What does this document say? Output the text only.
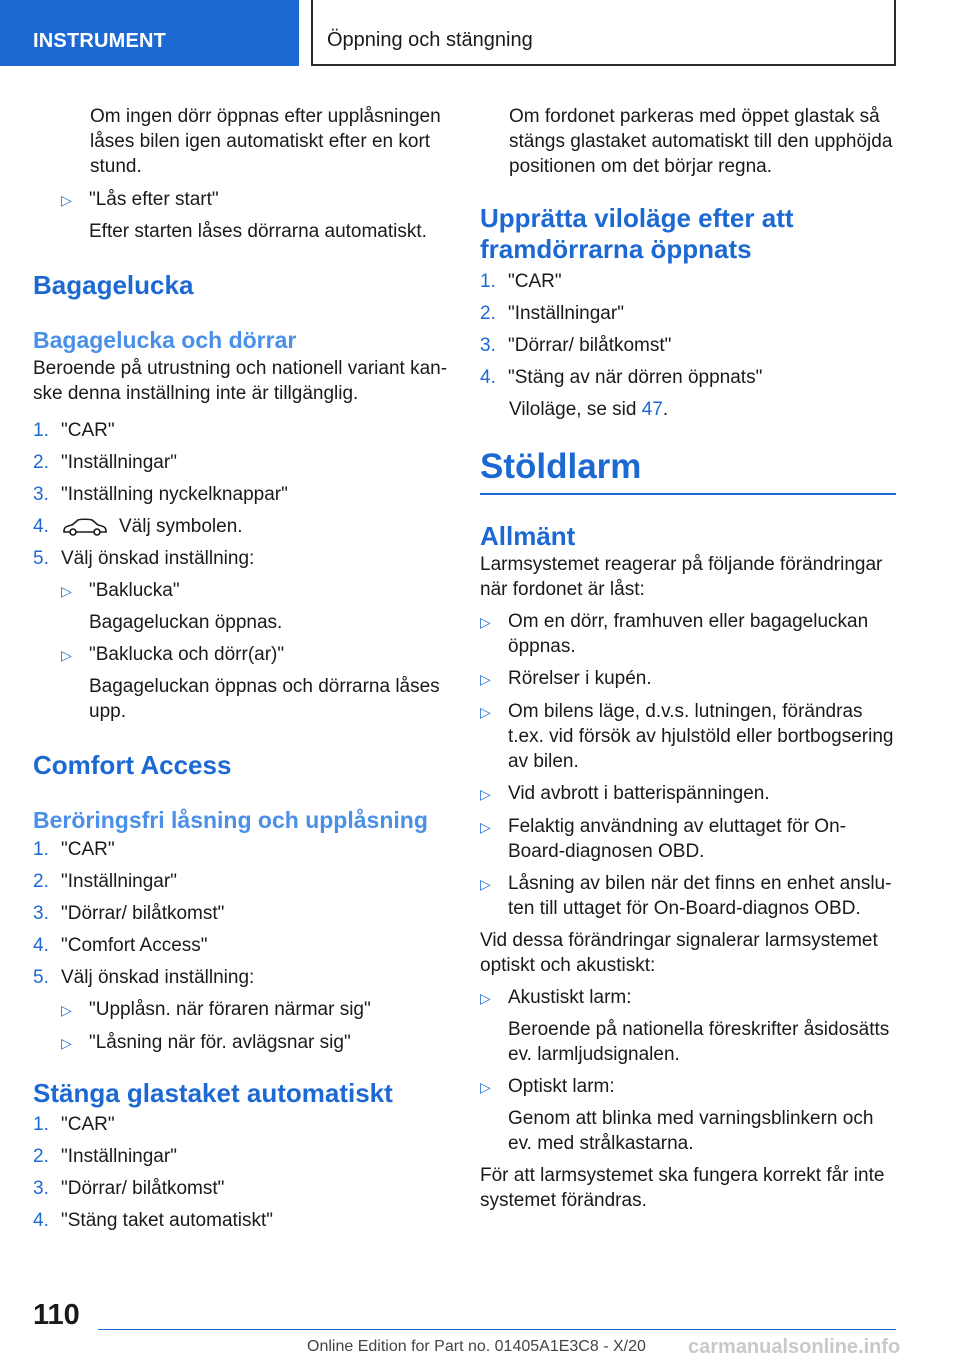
INSTRUMENT	Öppning och stängning
Om ingen dörr öppnas efter upplåsningen
låses bilen igen automatiskt efter en kort
stund.
▷ "Lås efter start"
Efter starten låses dörrarna automatiskt.
Bagagelucka
Bagagelucka och dörrar
Beroende på utrustning och nationell variant kan-
ske denna inställning inte är tillgänglig.
1. "CAR"
2. "Inställningar"
3. "Inställning nyckelknappar"
4.	Välj symbolen.
5. Välj önskad inställning:
▷ "Baklucka"
Bagageluckan öppnas.
▷ "Baklucka och dörr(ar)"
Bagageluckan öppnas och dörrarna låses
upp.
Comfort Access
Beröringsfri låsning och upplåsning
1. "CAR"
2. "Inställningar"
3. "Dörrar/ bilåtkomst"
4. "Comfort Access"
5. Välj önskad inställning:
▷ "Upplåsn. när föraren närmar sig"
▷ "Låsning när för. avlägsnar sig"
Stänga glastaket automatiskt
1. "CAR"
2. "Inställningar"
3. "Dörrar/ bilåtkomst"
4. "Stäng taket automatiskt"
Om fordonet parkeras med öppet glastak så
stängs glastaket automatiskt till den upphöjda
positionen om det börjar regna.
Upprätta viloläge efter att
framdörrarna öppnats
1. "CAR"
2. "Inställningar"
3. "Dörrar/ bilåtkomst"
4. "Stäng av när dörren öppnats"
Viloläge, se sid 47.
Stöldlarm
Allmänt
Larmsystemet reagerar på följande förändringar
när fordonet är låst:
▷ Om en dörr, framhuven eller bagageluckan
öppnas.
▷ Rörelser i kupén.
▷ Om bilens läge, d.v.s. lutningen, förändras
t.ex. vid försök av hjulstöld eller bortbogsering
av bilen.
▷ Vid avbrott i batterispänningen.
▷ Felaktig användning av eluttaget för On-
Board-diagnosen OBD.
▷ Låsning av bilen när det finns en enhet anslu-
ten till uttaget för On-Board-diagnos OBD.
Vid dessa förändringar signalerar larmsystemet
optiskt och akustiskt:
▷ Akustiskt larm:
Beroende på nationella föreskrifter åsidosätts
ev. larmljudsignalen.
▷ Optiskt larm:
Genom att blinka med varningsblinkern och
ev. med strålkastarna.
För att larmsystemet ska fungera korrekt får inte
systemet förändras.
110
Online Edition for Part no. 01405A1E3C8 - X/20 carmanualsonline.info
